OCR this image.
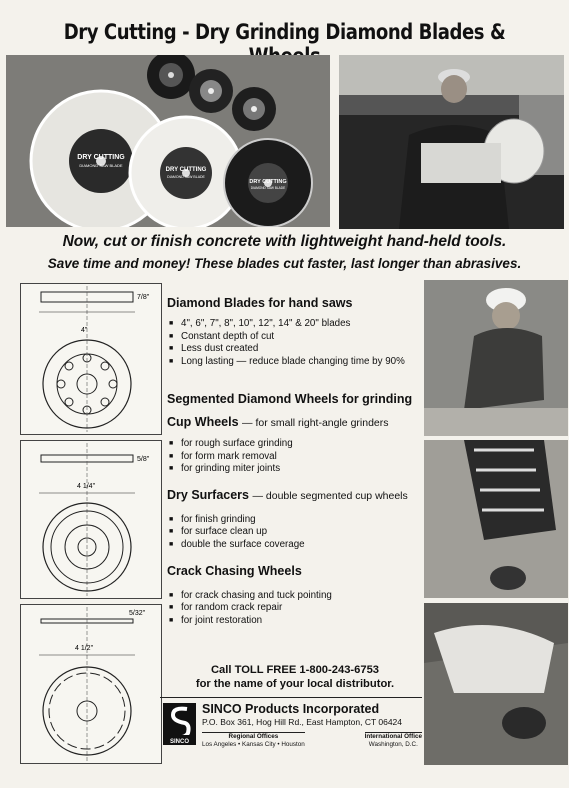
Dry Cutting - Dry Grinding Diamond Blades &
DRY CUTTING
DIAMOND SAW BLADE
DRY CUTTING
DIAMOND SAW BLADE
DRY CUTTING
DIAMOND SAW BLADE
Now, cut or finish concrete with lightweight hand-held tools.
Save time and money! These blades cut faster, last longer than abrasives.
7/8"
4"
5/8"
4 1/4"
5/32"
4 1/2"
Diamond Blades for hand saws
■ 4", 6", 7", 8", 10", 12", 14" & 20" blades
■ Constant depth of cut
■ Less dust created
■ Long lasting — reduce blade changing time by 90%
Segmented Diamond Wheels for grinding
Cup Wheels — for small right-angle grinders
■ for rough surface grinding
■ for form mark removal
■ for grinding miter joints
Dry Surfacers — double segmented cup wheels
■ for finish grinding
■ for surface clean up
■ double the surface coverage
Crack Chasing Wheels
■ for crack chasing and tuck pointing
■ for random crack repair
■ for joint restoration
Call TOLL FREE 1-800-243-6753
for the name of your local distributor.
SINCO
SINCO Products Incorporated
P.O. Box 361, Hog Hill Rd., East Hampton, CT 06424
Regional Offices
Los Angeles • Kansas City • Houston
International Office
Washington, D.C.
